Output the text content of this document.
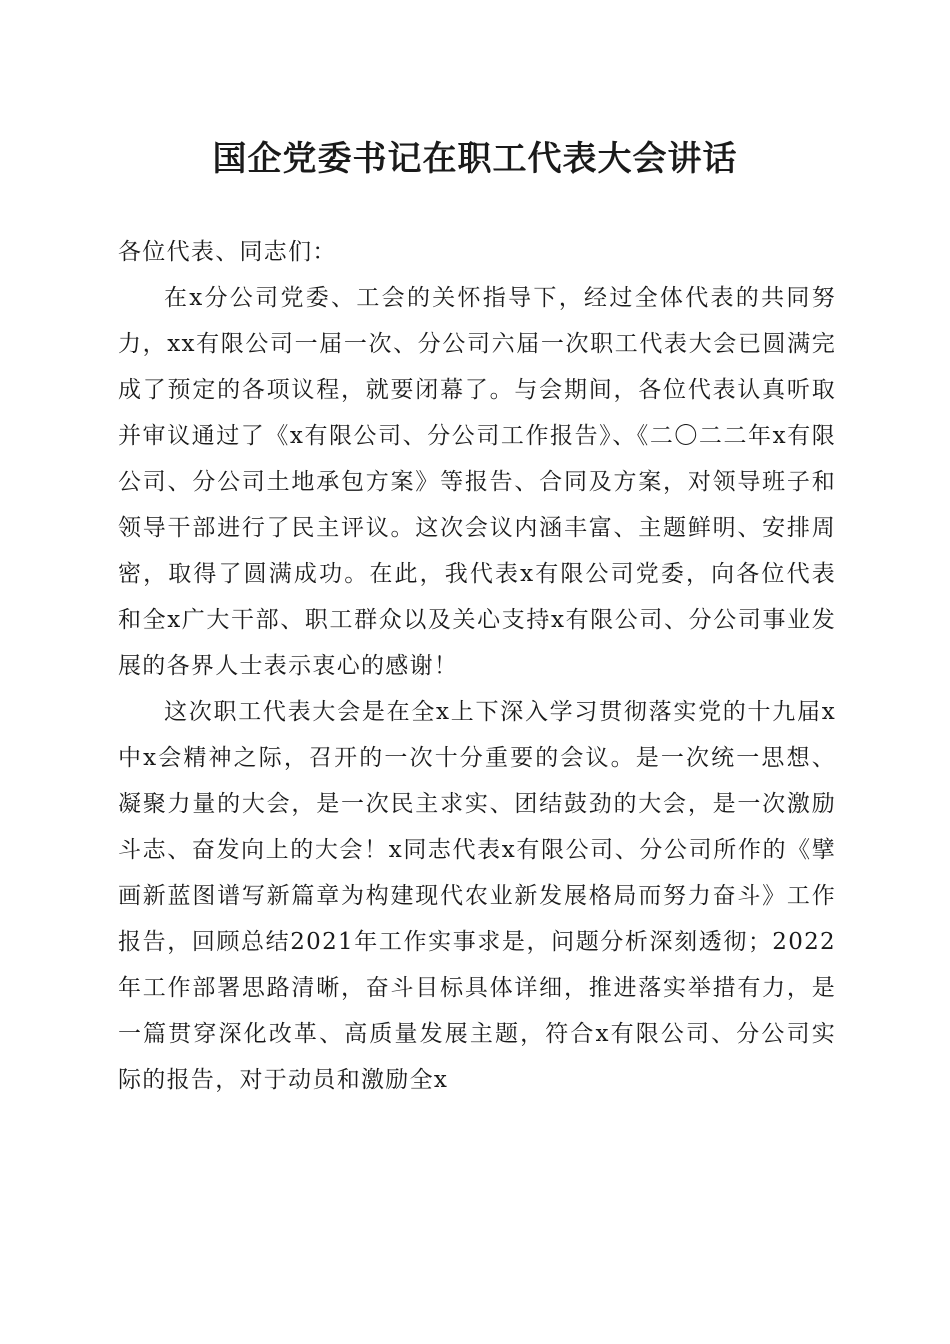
国企党委书记在职工代表大会讲话

各位代表、同志们：

在x分公司党委、工会的关怀指导下，经过全体代表的共同努力，xx有限公司一届一次、分公司六届一次职工代表大会已圆满完成了预定的各项议程，就要闭幕了。与会期间，各位代表认真听取并审议通过了《x有限公司、分公司工作报告》、《二〇二二年x有限公司、分公司土地承包方案》等报告、合同及方案，对领导班子和领导干部进行了民主评议。这次会议内涵丰富、主题鲜明、安排周密，取得了圆满成功。在此，我代表x有限公司党委，向各位代表和全x广大干部、职工群众以及关心支持x有限公司、分公司事业发展的各界人士表示衷心的感谢！

这次职工代表大会是在全x上下深入学习贯彻落实党的十九届x中x会精神之际，召开的一次十分重要的会议。是一次统一思想、凝聚力量的大会，是一次民主求实、团结鼓劲的大会，是一次激励斗志、奋发向上的大会！x同志代表x有限公司、分公司所作的《擘画新蓝图谱写新篇章为构建现代农业新发展格局而努力奋斗》工作报告，回顾总结2021年工作实事求是，问题分析深刻透彻；2022年工作部署思路清晰，奋斗目标具体详细，推进落实举措有力，是一篇贯穿深化改革、高质量发展主题，符合x有限公司、分公司实际的报告，对于动员和激励全x
